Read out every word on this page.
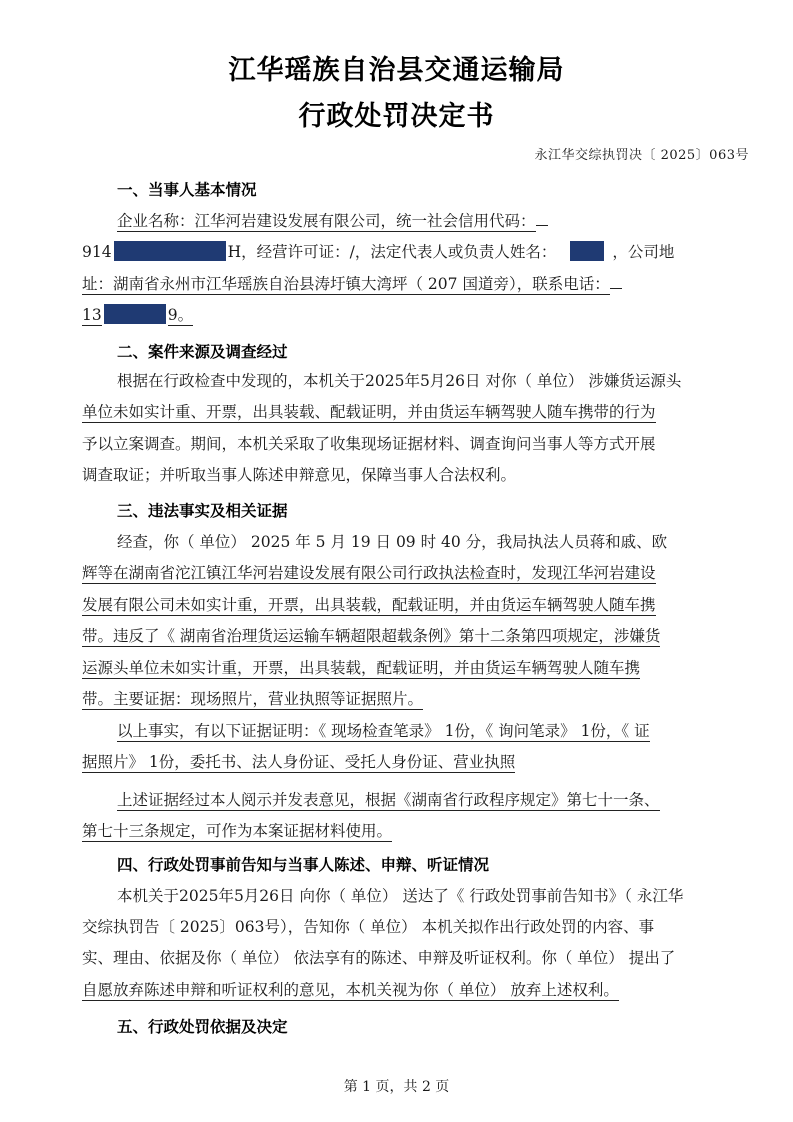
江华瑶族自治县交通运输局
行政处罚决定书
永江华交综执罚决〔 2025〕063号
一、当事人基本情况
企业名称：江华河岩建设发展有限公司，统一社会信用代码：
914	H，经营许可证：/，法定代表人或负责人姓名：	，公司地
址：湖南省永州市江华瑶族自治县涛圩镇大湾坪（ 207 国道旁），联系电话：
13	9。
二、案件来源及调查经过
根据在行政检查中发现的，本机关于2025年5月26日 对你（ 单位） 涉嫌货运源头
单位未如实计重、开票，出具装载、配载证明，并由货运车辆驾驶人随车携带的行为
予以立案调查。期间，本机关采取了收集现场证据材料、调查询问当事人等方式开展
调查取证；并听取当事人陈述申辩意见，保障当事人合法权利。
三、违法事实及相关证据
经查，你（ 单位） 2025 年 5 月 19 日 09 时 40 分，我局执法人员蒋和戚、欧
辉等在湖南省沱江镇江华河岩建设发展有限公司行政执法检查时，发现江华河岩建设
发展有限公司未如实计重，开票，出具装载，配载证明，并由货运车辆驾驶人随车携
带。违反了《 湖南省治理货运运输车辆超限超载条例》第十二条第四项规定，涉嫌货
运源头单位未如实计重，开票，出具装载，配载证明，并由货运车辆驾驶人随车携
带。主要证据：现场照片，营业执照等证据照片。
以上事实，有以下证据证明：《 现场检查笔录》 1份，《 询问笔录》 1份，《 证
据照片》 1份，委托书、法人身份证、受托人身份证、营业执照
上述证据经过本人阅示并发表意见，根据《湖南省行政程序规定》第七十一条、
第七十三条规定，可作为本案证据材料使用。
四、行政处罚事前告知与当事人陈述、申辩、听证情况
本机关于2025年5月26日 向你（ 单位） 送达了《 行政处罚事前告知书》（ 永江华
交综执罚告〔 2025〕063号），告知你（ 单位） 本机关拟作出行政处罚的内容、事
实、理由、依据及你（ 单位） 依法享有的陈述、申辩及听证权利。你（ 单位） 提出了
自愿放弃陈述申辩和听证权利的意见，本机关视为你（ 单位） 放弃上述权利。
五、行政处罚依据及决定
第 1 页，共 2 页
